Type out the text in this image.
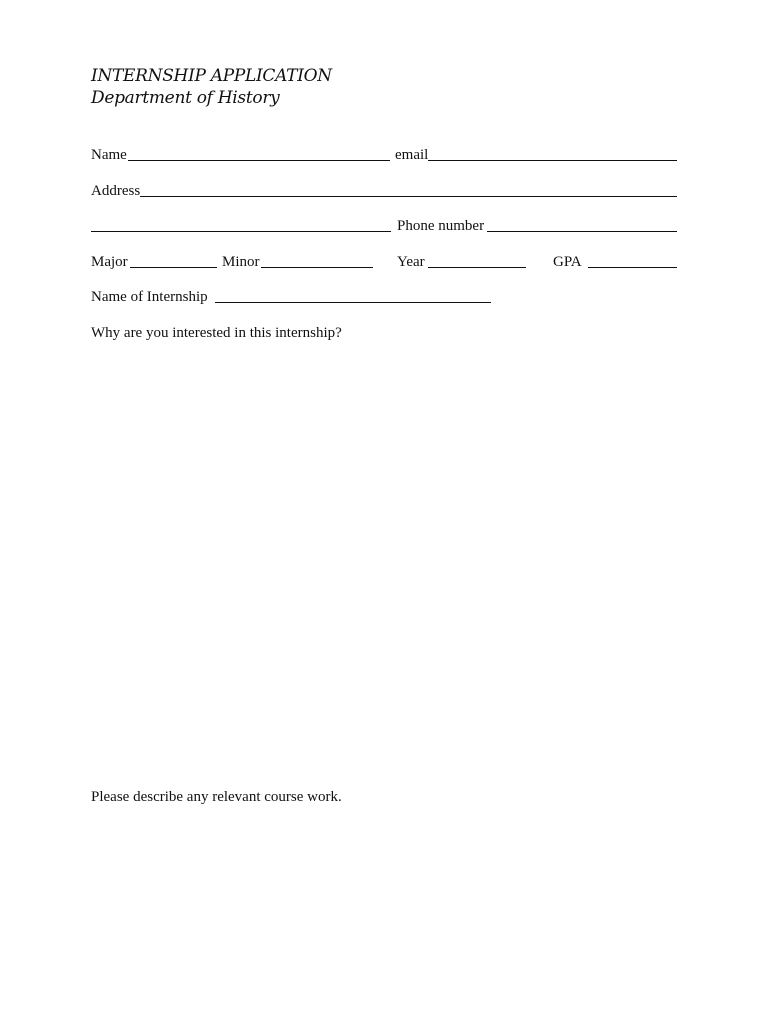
INTERNSHIP APPLICATION
Department of History
Name	email
Address
Phone number
Major	Minor	Year	GPA
Name of Internship
Why are you interested in this internship?
Please describe any relevant course work.
